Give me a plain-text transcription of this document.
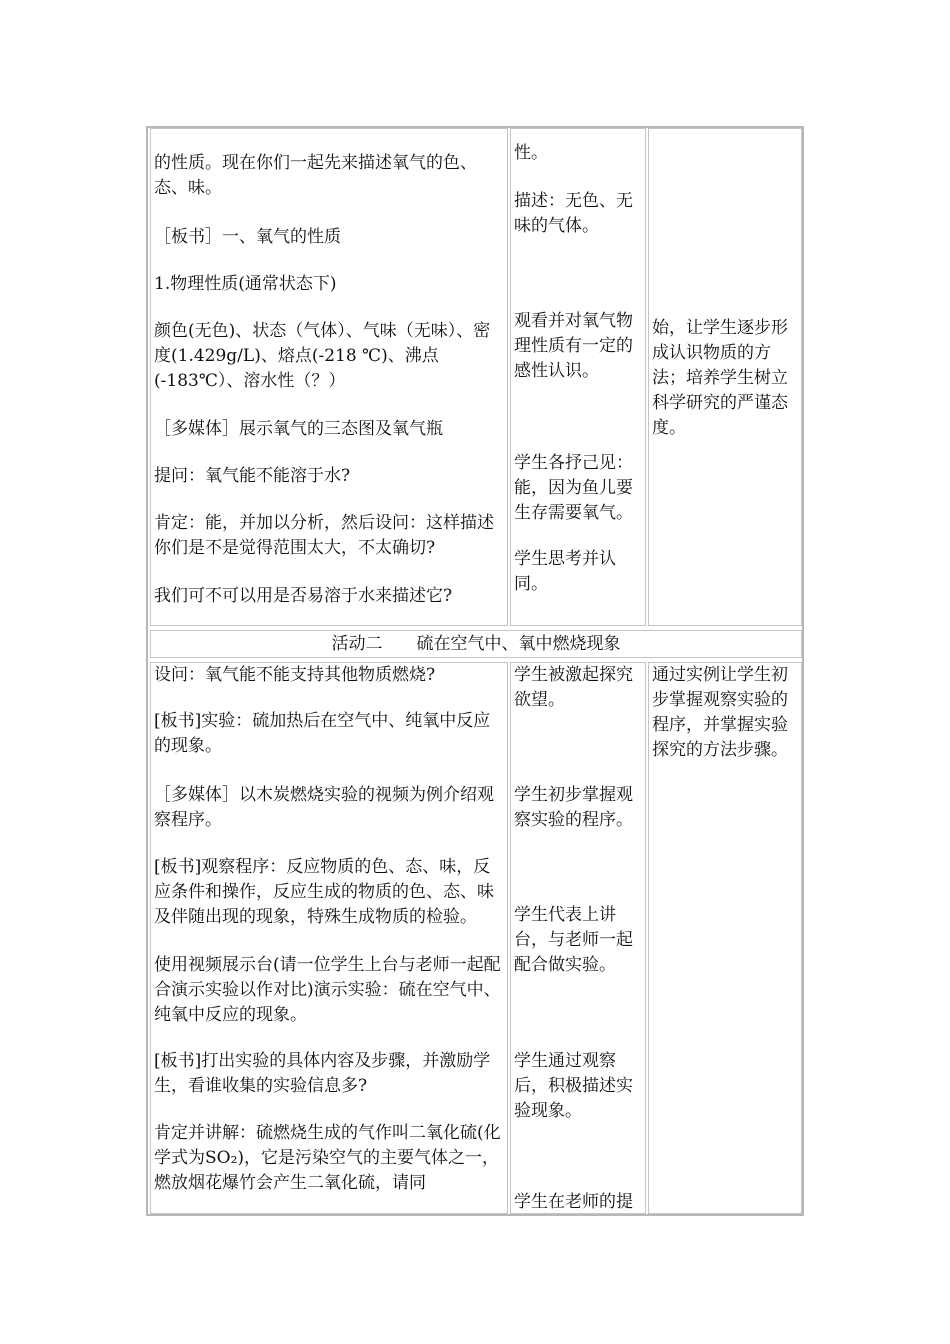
的性质。现在你们一起先来描述氧气的色、态、味。

［板书］一、氧气的性质

1.物理性质(通常状态下)

颜色(无色)、状态（气体）、气味（无味）、密度(1.429g/L)、熔点(-218 ℃)、沸点(-183℃）、溶水性（？）

［多媒体］展示氧气的三态图及氧气瓶

提问：氧气能不能溶于水?

肯定：能，并加以分析，然后设问：这样描述你们是不是觉得范围太大，不太确切?

我们可不可以用是否易溶于水来描述它?

性。

描述：无色、无味的气体。

观看并对氧气物理性质有一定的感性认识。

学生各抒己见：能，因为鱼儿要生存需要氧气。

学生思考并认同。

始，让学生逐步形成认识物质的方法；培养学生树立科学研究的严谨态度。

活动二　　硫在空气中、氧中燃烧现象

设问：氧气能不能支持其他物质燃烧?

[板书]实验：硫加热后在空气中、纯氧中反应的现象。

［多媒体］以木炭燃烧实验的视频为例介绍观察程序。

[板书]观察程序：反应物质的色、态、味，反应条件和操作，反应生成的物质的色、态、味及伴随出现的现象，特殊生成物质的检验。

使用视频展示台(请一位学生上台与老师一起配合演示实验以作对比)演示实验：硫在空气中、纯氧中反应的现象。

[板书]打出实验的具体内容及步骤，并激励学生，看谁收集的实验信息多?

肯定并讲解：硫燃烧生成的气作叫二氧化硫(化学式为SO₂)，它是污染空气的主要气体之一，燃放烟花爆竹会产生二氧化硫，请同

学生被激起探究欲望。

学生初步掌握观察实验的程序。

学生代表上讲台，与老师一起配合做实验。

学生通过观察后，积极描述实验现象。

学生在老师的提

通过实例让学生初步掌握观察实验的程序，并掌握实验探究的方法步骤。
